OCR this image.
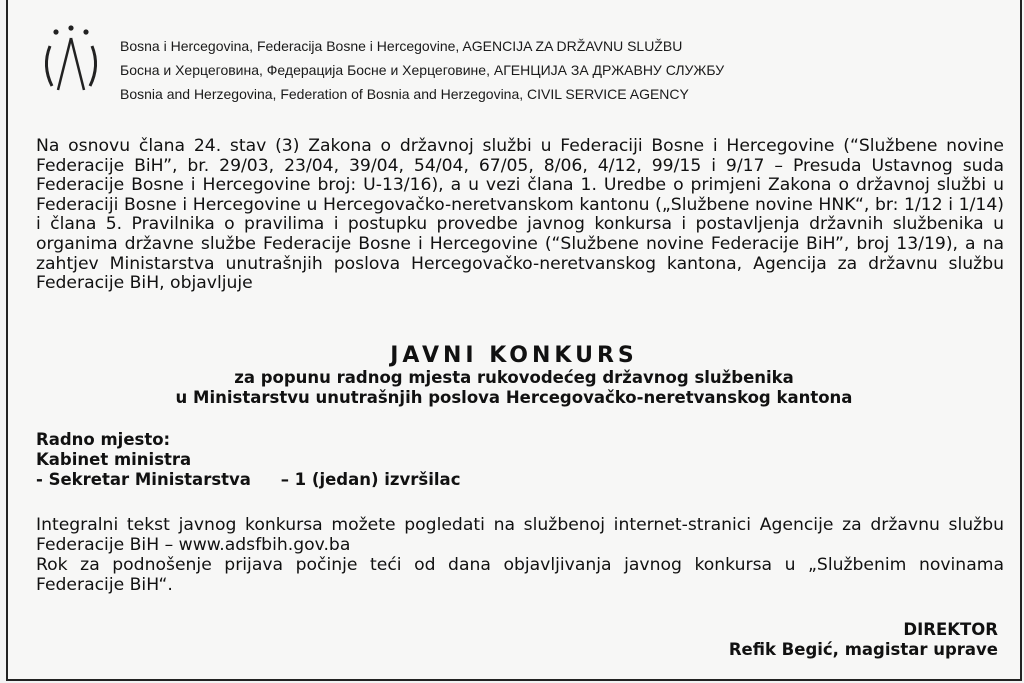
Bosna i Hercegovina, Federacija Bosne i Hercegovine, AGENCIJA ZA DRŽAVNU SLUŽBU
Босна и Херцеговина, Федерација Босне и Херцеговине, АГЕНЦИЈА ЗА ДРЖАВНУ СЛУЖБУ
Bosnia and Herzegovina, Federation of Bosnia and Herzegovina, CIVIL SERVICE AGENCY

Na osnovu člana 24. stav (3) Zakona o državnoj službi u Federaciji Bosne i Hercegovine (“Službene novine Federacije BiH”, br. 29/03, 23/04, 39/04, 54/04, 67/05, 8/06, 4/12, 99/15 i 9/17 – Presuda Ustavnog suda Federacije Bosne i Hercegovine broj: U-13/16), a u vezi člana 1. Uredbe o primjeni Zakona o državnoj službi u Federaciji Bosne i Hercegovine u Hercegovačko-neretvanskom kantonu („Službene novine HNK“, br: 1/12 i 1/14) i člana 5. Pravilnika o pravilima i postupku provedbe javnog konkursa i postavljenja državnih službenika u organima državne službe Federacije Bosne i Hercegovine (“Službene novine Federacije BiH”, broj 13/19), a na zahtjev Ministarstva unutrašnjih poslova Hercegovačko-neretvanskog kantona, Agencija za državnu službu Federacije BiH, objavljuje

JAVNI KONKURS
za popunu radnog mjesta rukovodećeg državnog službenika
u Ministarstvu unutrašnjih poslova Hercegovačko-neretvanskog kantona
Radno mjesto:
Kabinet ministra
- Sekretar Ministarstva – 1 (jedan) izvršilac

Integralni tekst javnog konkursa možete pogledati na službenoj internet-stranici Agencije za državnu službu Federacije BiH – www.adsfbih.gov.ba

Rok za podnošenje prijava počinje teći od dana objavljivanja javnog konkursa u „Službenim novinama Federacije BiH“.

DIREKTOR
Refik Begić, magistar uprave
